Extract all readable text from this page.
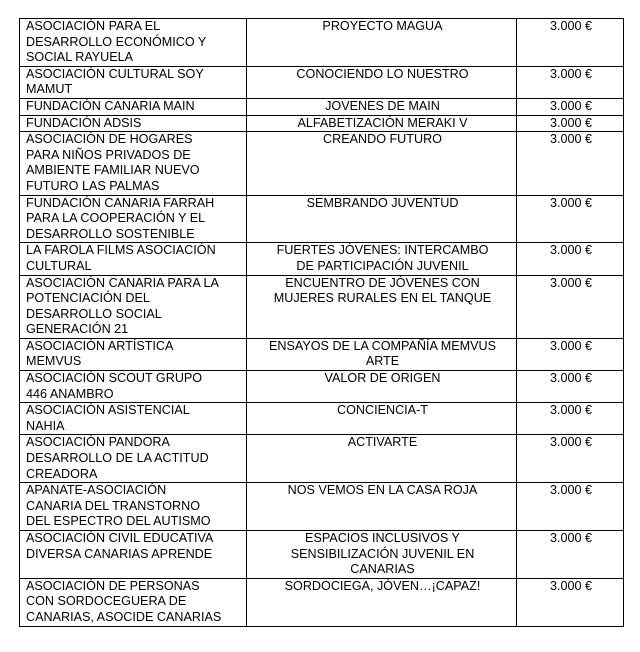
ASOCIACIÓN PARA EL
DESARROLLO ECONÓMICO Y
SOCIAL RAYUELA	PROYECTO MAGUA	3.000 €

ASOCIACIÓN CULTURAL SOY
MAMUT	CONOCIENDO LO NUESTRO	3.000 €

FUNDACIÓN CANARIA MAIN	JOVENES DE MAIN	3.000 €

FUNDACIÓN ADSIS	ALFABETIZACIÓN MERAKI V	3.000 €

ASOCIACIÓN DE HOGARES
PARA NIÑOS PRIVADOS DE
AMBIENTE FAMILIAR NUEVO
FUTURO LAS PALMAS	CREANDO FUTURO	3.000 €

FUNDACIÓN CANARIA FARRAH
PARA LA COOPERACIÓN Y EL
DESARROLLO SOSTENIBLE	SEMBRANDO JUVENTUD	3.000 €

LA FAROLA FILMS ASOCIACIÓN
CULTURAL	FUERTES JÓVENES: INTERCAMBO
DE PARTICIPACIÓN JUVENIL	3.000 €

ASOCIACIÓN CANARIA PARA LA
POTENCIACIÓN DEL
DESARROLLO SOCIAL
GENERACIÓN 21	ENCUENTRO DE JÓVENES CON
MUJERES RURALES EN EL TANQUE	3.000 €

ASOCIACIÓN ARTÍSTICA
MEMVUS	ENSAYOS DE LA COMPAÑÍA MEMVUS
ARTE	3.000 €

ASOCIACIÓN SCOUT GRUPO
446 ANAMBRO	VALOR DE ORIGEN	3.000 €

ASOCIACIÓN ASISTENCIAL
NAHIA	CONCIENCIA-T	3.000 €

ASOCIACIÓN PANDORA
DESARROLLO DE LA ACTITUD
CREADORA	ACTIVARTE	3.000 €

APANATE-ASOCIACIÓN
CANARIA DEL TRANSTORNO
DEL ESPECTRO DEL AUTISMO	NOS VEMOS EN LA CASA ROJA	3.000 €

ASOCIACIÓN CIVIL EDUCATIVA
DIVERSA CANARIAS APRENDE	ESPACIOS INCLUSIVOS Y
SENSIBILIZACIÓN JUVENIL EN
CANARIAS	3.000 €

ASOCIACIÓN DE PERSONAS
CON SORDOCEGUERA DE
CANARIAS, ASOCIDE CANARIAS	SORDOCIEGA, JÓVEN…¡CAPAZ!	3.000 €
